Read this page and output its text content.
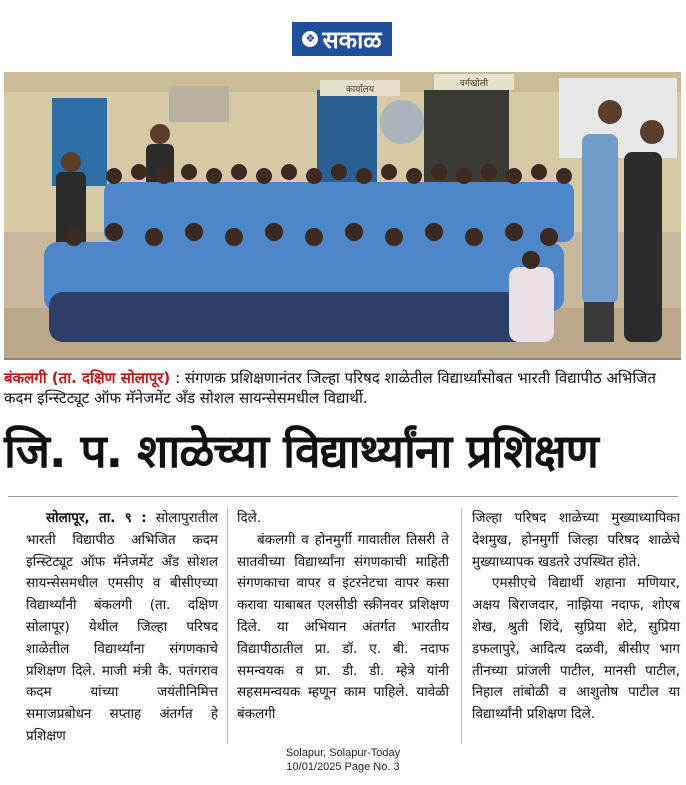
❖ सकाळ
कार्यालय
वर्गखोली
बंकलगी (ता. दक्षिण सोलापूर) : संगणक प्रशिक्षणानंतर जिल्हा परिषद शाळेतील विद्यार्थ्यांसोबत भारती विद्यापीठ अभिजित कदम इन्स्टिट्यूट ऑफ मॅनेजमेंट अँड सोशल सायन्सेसमधील विद्यार्थी.
जि. प. शाळेच्या विद्यार्थ्यांना प्रशिक्षण

सोलापूर, ता. ९ : सोलापुरातील भारती विद्यापीठ अभिजित कदम इन्स्टिट्यूट ऑफ मॅनेजमेंट अँड सोशल सायन्सेसमधील एमसीए व बीसीएच्या विद्यार्थ्यांनी बंकलगी (ता. दक्षिण सोलापूर) येथील जिल्हा परिषद शाळेतील विद्यार्थ्यांना संगणकाचे प्रशिक्षण दिले. माजी मंत्री कै. पतंगराव कदम यांच्या जयंतीनिमित्त समाजप्रबोधन सप्ताह अंतर्गत हे प्रशिक्षण

दिले.

बंकलगी व होनमुर्गी गावातील तिसरी ते सातवीच्या विद्यार्थ्यांना संगणकाची माहिती संगणकाचा वापर व इंटरनेटचा वापर कसा करावा याबाबत एलसीडी स्क्रीनवर प्रशिक्षण दिले. या अभियान अंतर्गत भारतीय विद्यापीठातील प्रा. डॉ. ए. बी. नदाफ समन्वयक व प्रा. डी. डी. म्हेत्रे यांनी सहसमन्वयक म्हणून काम पाहिले. यावेळी बंकलगी

जिल्हा परिषद शाळेच्या मुख्याध्यापिका देशमुख, होनमुर्गी जिल्हा परिषद शाळेचे मुख्याध्यापक खडतरे उपस्थित होते.

एमसीएचे विद्यार्थी शहाना मणियार, अक्षय बिराजदार, नाझिया नदाफ, शोएब शेख, श्रुती शिंदे, सुप्रिया शेटे, सुप्रिया डफलापुरे, आदित्य दळवी, बीसीए भाग तीनच्या प्रांजली पाटील, मानसी पाटील, निहाल तांबोळी व आशुतोष पाटील या विद्यार्थ्यांनी प्रशिक्षण दिले.

Solapur, Solapur-Today
10/01/2025 Page No. 3
